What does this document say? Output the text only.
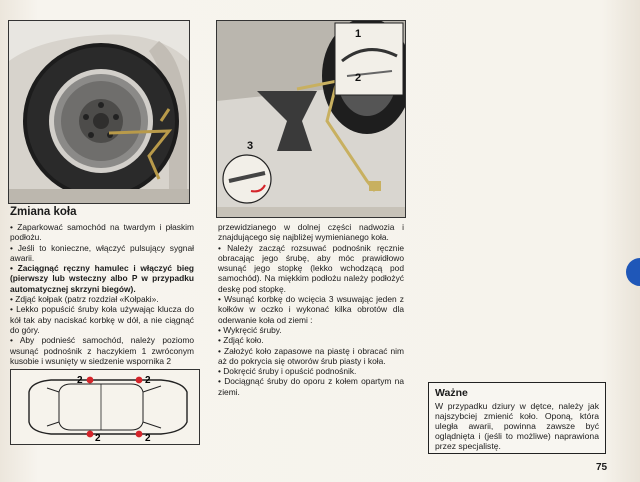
1
2
3
Zmiana koła

• Zaparkować samochód na twardym i płaskim podłożu.

• Jeśli to konieczne, włączyć pulsujący sygnał awarii.

• Zaciągnąć ręczny hamulec i włączyć bieg (pierwszy lub wsteczny albo P w przypadku automatycznej skrzyni biegów).

• Zdjąć kołpak (patrz rozdział «Kołpaki».

• Lekko popuścić śruby koła używając klucza do kół tak aby naciskać korbkę w dół, a nie ciągnąć do góry.

• Aby podnieść samochód, należy poziomo wsunąć podnośnik z haczykiem 1 zwróconym kusobie i wsunięty w siedzenie wspornika 2

przewidzianego w dolnej części nadwozia i znajdującego się najbliżej wymienianego koła.

• Należy zacząć rozsuwać podnośnik ręcznie obracając jego śrubę, aby móc prawidłowo wsunąć jego stopkę (lekko wchodzącą pod samochód). Na miękkim podłożu należy podłożyć deskę pod stopkę.

• Wsunąć korbkę do wcięcia 3 wsuwając jeden z kołków w oczko i wykonać kilka obrotów dla oderwanie koła od ziemi :

• Wykręcić śruby.

• Zdjąć koło.

• Założyć koło zapasowe na piastę i obracać nim aż do pokrycia się otworów śrub piasty i koła.

• Dokręcić śruby i opuścić podnośnik.

• Dociągnąć śruby do oporu z kołem opartym na ziemi.

2	2
2	2
Ważne

W przypadku dziury w dętce, należy jak najszybciej zmienić koło. Oponą, która uległa awarii, powinna zawsze być oglądnięta i (jeśli to możliwe) naprawiona przez specjalistę.

75
